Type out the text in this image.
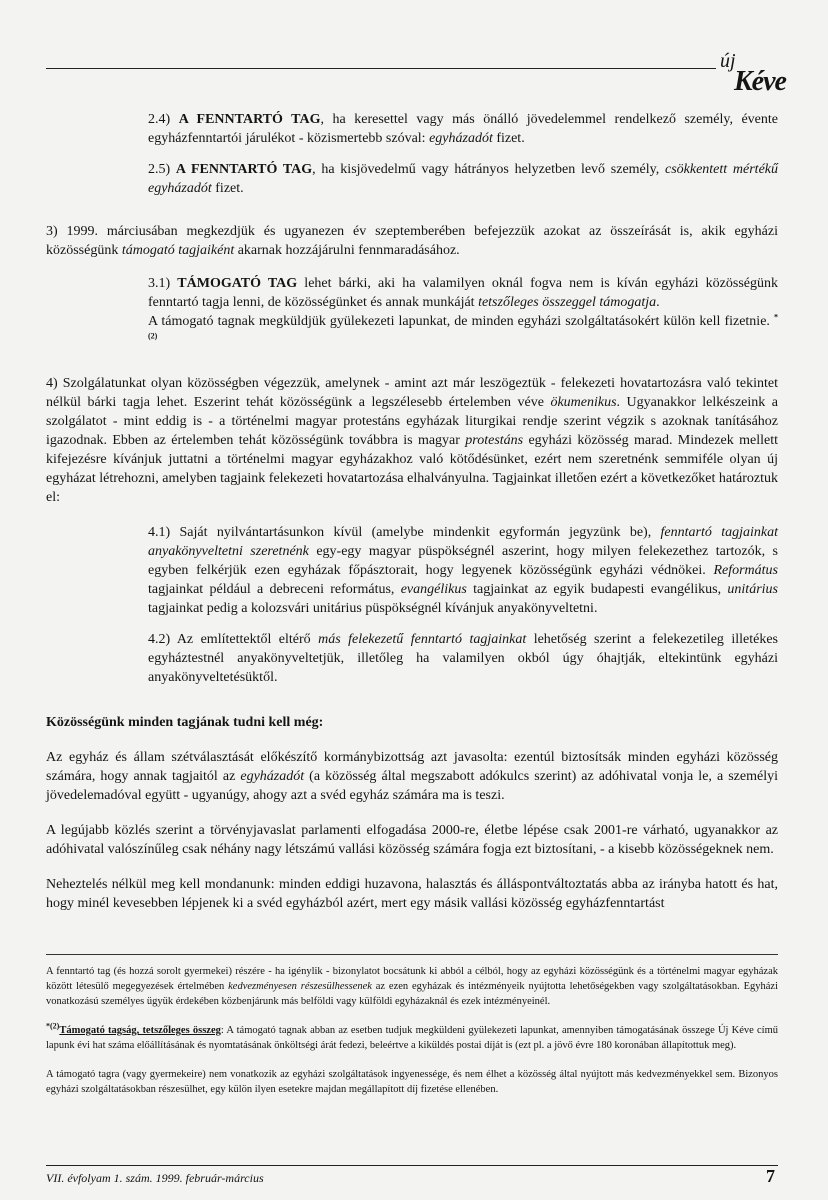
új
Kéve

2.4) A FENNTARTÓ TAG, ha keresettel vagy más önálló jövedelemmel rendelkező személy, évente egyházfenntartói járulékot - közismertebb szóval: egyházadót fizet.

2.5) A FENNTARTÓ TAG, ha kisjövedelmű vagy hátrányos helyzetben levő személy, csökkentett mértékű egyházadót fizet.

3) 1999. márciusában megkezdjük és ugyanezen év szeptemberében befejezzük azokat az összeírását is, akik egyházi közösségünk támogató tagjaiként akarnak hozzájárulni fennmaradásához.

3.1) TÁMOGATÓ TAG lehet bárki, aki ha valamilyen oknál fogva nem is kíván egyházi közösségünk fenntartó tagja lenni, de közösségünket és annak munkáját tetszőleges összeggel támogatja.
A támogató tagnak megküldjük gyülekezeti lapunkat, de minden egyházi szolgáltatásokért külön kell fizetnie. $^{*(2)}$

4) Szolgálatunkat olyan közösségben végezzük, amelynek - amint azt már leszögeztük - felekezeti hovatartozásra való tekintet nélkül bárki tagja lehet. Eszerint tehát közösségünk a legszélesebb értelemben véve ökumenikus. Ugyanakkor lelkészeink a szolgálatot - mint eddig is - a történelmi magyar protestáns egyházak liturgikai rendje szerint végzik s azoknak tanításához igazodnak. Ebben az értelemben tehát közösségünk továbbra is magyar protestáns egyházi közösség marad. Mindezek mellett kifejezésre kívánjuk juttatni a történelmi magyar egyházakhoz való kötődésünket, ezért nem szeretnénk semmiféle olyan új egyházat létrehozni, amelyben tagjaink felekezeti hovatartozása elhalványulna. Tagjainkat illetően ezért a következőket határoztuk el:

4.1) Saját nyilvántartásunkon kívül (amelybe mindenkit egyformán jegyzünk be), fenntartó tagjainkat anyakönyveltetni szeretnénk egy-egy magyar püspökségnél aszerint, hogy milyen felekezethez tartozók, s egyben felkérjük ezen egyházak főpásztorait, hogy legyenek közösségünk egyházi védnökei. Református tagjainkat például a debreceni református, evangélikus tagjainkat az egyik budapesti evangélikus, unitárius tagjainkat pedig a kolozsvári unitárius püspökségnél kívánjuk anyakönyveltetni.

4.2) Az említettektől eltérő más felekezetű fenntartó tagjainkat lehetőség szerint a felekezetileg illetékes egyháztestnél anyakönyveltetjük, illetőleg ha valamilyen okból úgy óhajtják, eltekintünk egyházi anyakönyveltetésüktől.

Közösségünk minden tagjának tudni kell még:

Az egyház és állam szétválasztását előkészítő kormánybizottság azt javasolta: ezentúl biztosítsák minden egyházi közösség számára, hogy annak tagjaitól az egyházadót (a közösség által megszabott adókulcs szerint) az adóhivatal vonja le, a személyi jövedelemadóval együtt - ugyanúgy, ahogy azt a svéd egyház számára ma is teszi.

A legújabb közlés szerint a törvényjavaslat parlamenti elfogadása 2000-re, életbe lépése csak 2001-re várható, ugyanakkor az adóhivatal valószínűleg csak néhány nagy létszámú vallási közösség számára fogja ezt biztosítani, - a kisebb közösségeknek nem.

Neheztelés nélkül meg kell mondanunk: minden eddigi huzavona, halasztás és álláspontváltoztatás abba az irányba hatott és hat, hogy minél kevesebben lépjenek ki a svéd egyházból azért, mert egy másik vallási közösség egyházfenntartást

A fenntartó tag (és hozzá sorolt gyermekei) részére - ha igénylik - bizonylatot bocsátunk ki abból a célból, hogy az egyházi közösségünk és a történelmi magyar egyházak között létesülő megegyezések értelmében kedvezményesen részesülhessenek az ezen egyházak és intézményeik nyújtotta lehetőségekben vagy szolgáltatásokban. Egyházi vonatkozású személyes ügyük érdekében közbenjárunk más belföldi vagy külföldi egyházaknál és ezek intézményeinél.

$^{*(2)}$Támogató tagság, tetszőleges összeg: A támogató tagnak abban az esetben tudjuk megküldeni gyülekezeti lapunkat, amennyiben támogatásának összege Új Kéve című lapunk évi hat száma előállításának és nyomtatásának önköltségi árát fedezi, beleértve a kiküldés postai díját is (ezt pl. a jövő évre 180 koronában állapítottuk meg).

A támogató tagra (vagy gyermekeire) nem vonatkozik az egyházi szolgáltatások ingyenessége, és nem élhet a közösség által nyújtott más kedvezményekkel sem. Bizonyos egyházi szolgáltatásokban részesülhet, egy külön ilyen esetekre majdan megállapított díj fizetése ellenében.

VII. évfolyam 1. szám. 1999. február-március	7
